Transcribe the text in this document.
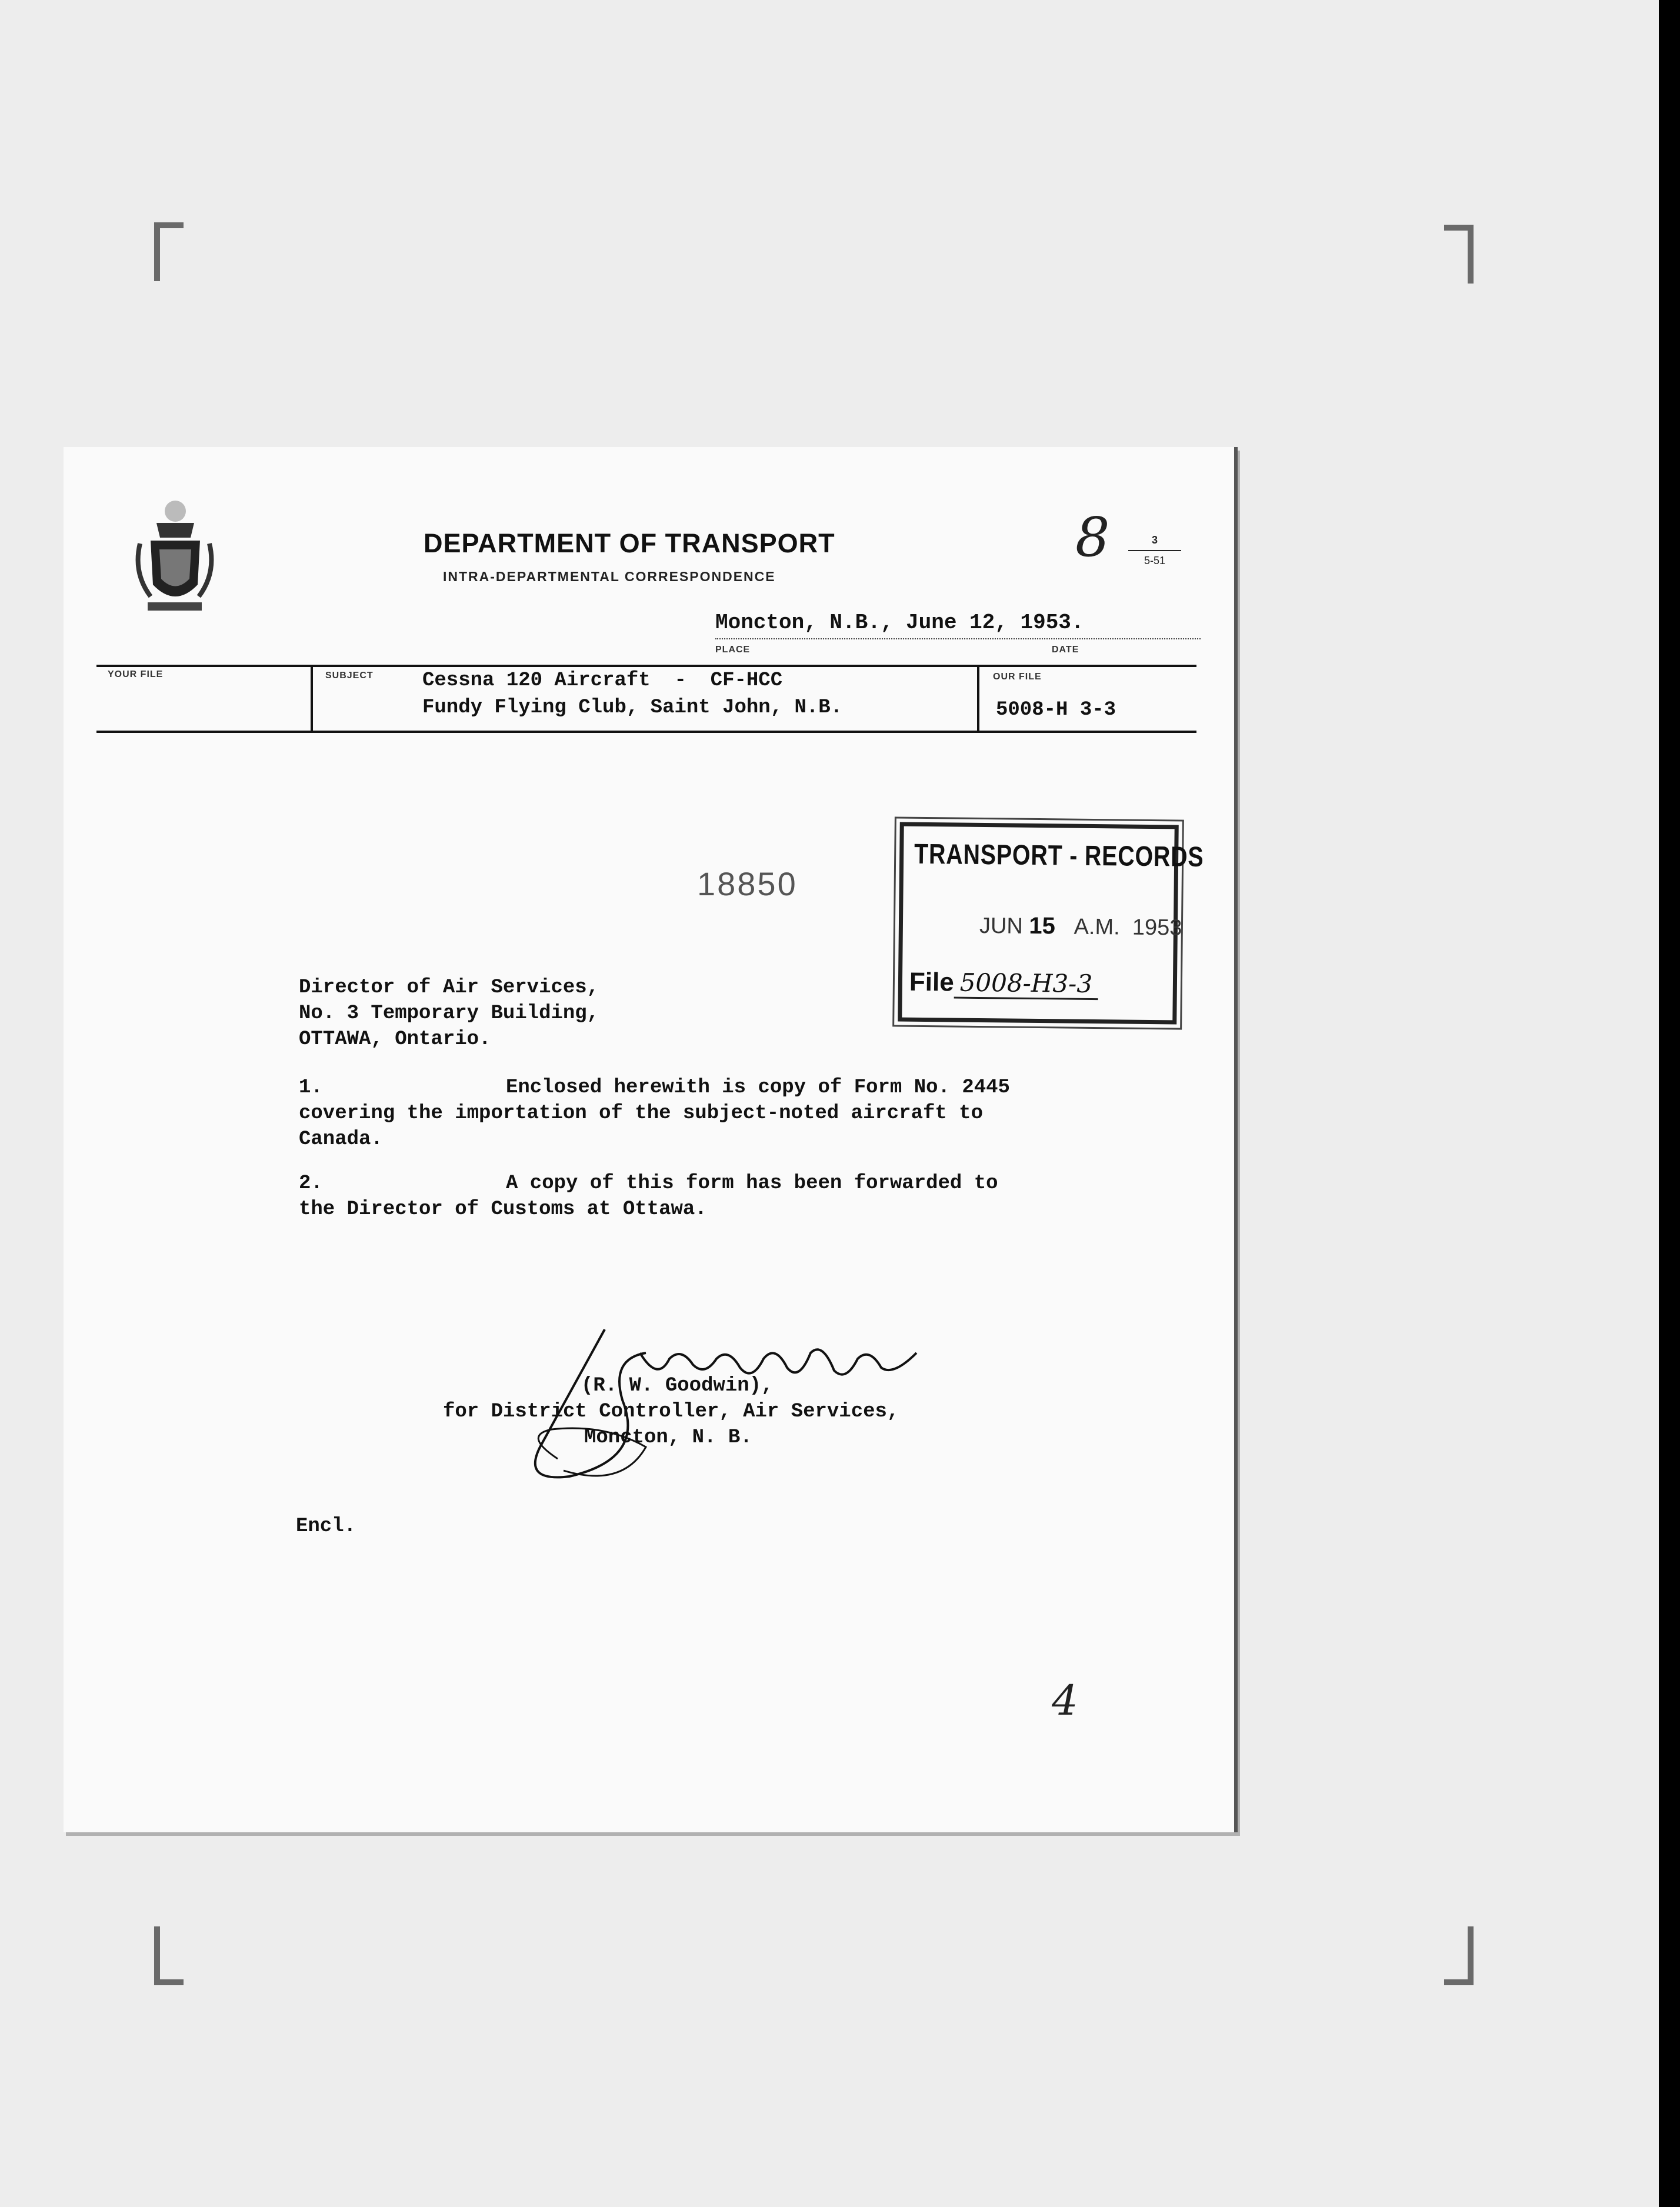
DEPARTMENT OF TRANSPORT
INTRA-DEPARTMENTAL CORRESPONDENCE
8	3
5-51
Moncton, N.B., June 12, 1953.
PLACE	DATE
YOUR FILE	SUBJECT Cessna 120 Aircraft  -  CF-HCC
Fundy Flying Club, Saint John, N.B.
OUR FILE
5008-H 3-3
18850
TRANSPORT - RECORDS
JUN 15 A.M. 1953
File 5008-H3-3
Director of Air Services,
No. 3 Temporary Building,
OTTAWA, Ontario.
1.	Enclosed herewith is copy of Form No. 2445
covering the importation of the subject-noted aircraft to
Canada.
2.	A copy of this form has been forwarded to
the Director of Customs at Ottawa.
(R. W. Goodwin),
for District Controller, Air Services,
Moncton, N. B.
Encl.
4
